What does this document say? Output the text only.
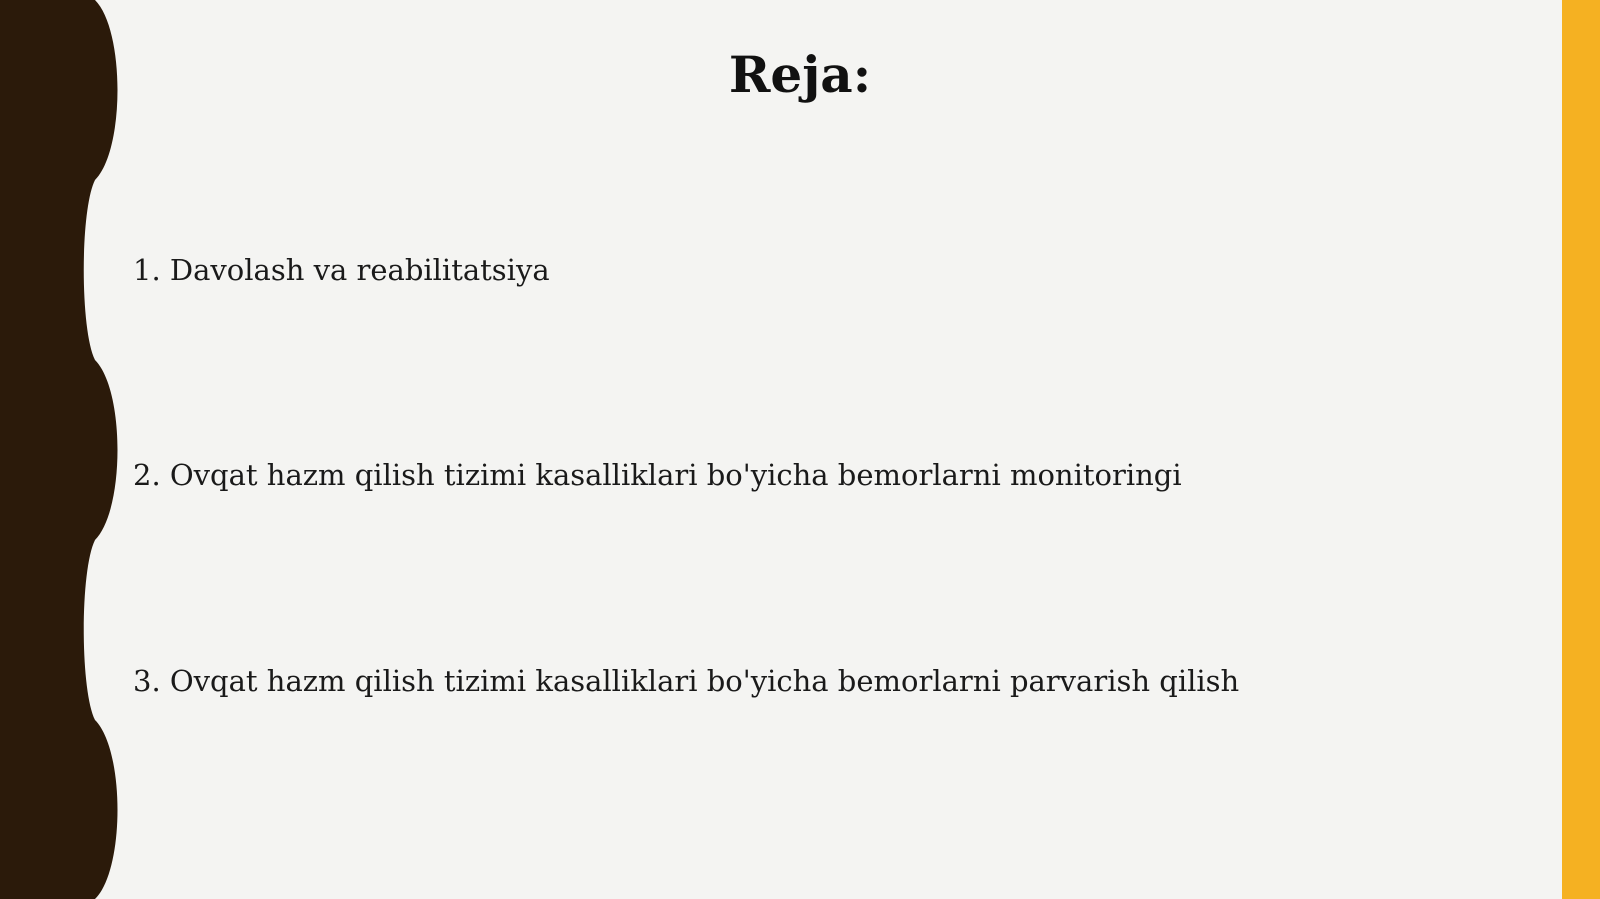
Reja:

1. Davolash va reabilitatsiya

2. Ovqat hazm qilish tizimi kasalliklari bo'yicha bemorlarni monitoringi

3. Ovqat hazm qilish tizimi kasalliklari bo'yicha bemorlarni parvarish qilish
